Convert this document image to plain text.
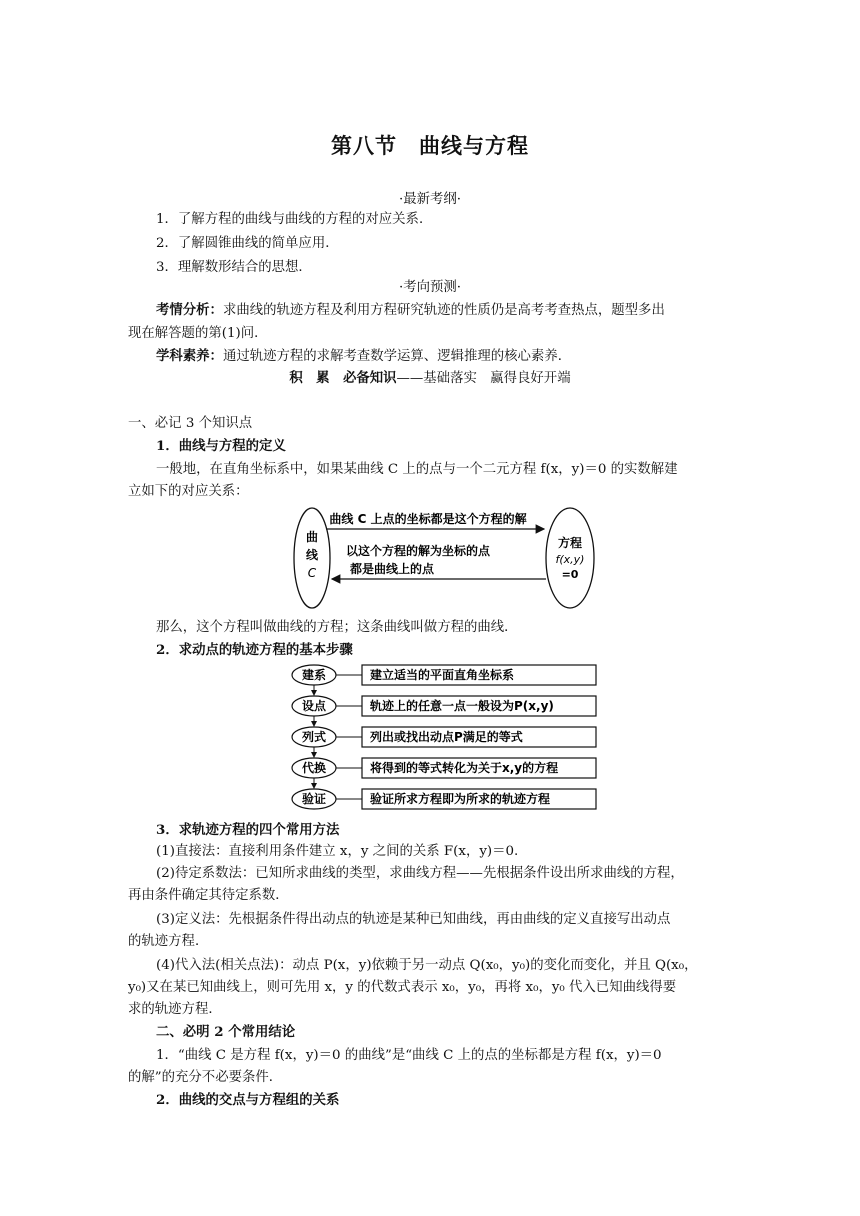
第八节　曲线与方程
·最新考纲·
1．了解方程的曲线与曲线的方程的对应关系．
2．了解圆锥曲线的简单应用．
3．理解数形结合的思想．
·考向预测·
考情分析：求曲线的轨迹方程及利用方程研究轨迹的性质仍是高考考查热点，题型多出
现在解答题的第(1)问．
学科素养：通过轨迹方程的求解考查数学运算、逻辑推理的核心素养．
积　累　必备知识——基础落实　赢得良好开端
一、必记 3 个知识点
1．曲线与方程的定义
一般地，在直角坐标系中，如果某曲线 C 上的点与一个二元方程 f(x，y)＝0 的实数解建
立如下的对应关系：
曲
线
C
方程
f(x,y)
=0
曲线 C 上点的坐标都是这个方程的解
以这个方程的解为坐标的点
都是曲线上的点
那么，这个方程叫做曲线的方程；这条曲线叫做方程的曲线．
2．求动点的轨迹方程的基本步骤
建系	建立适当的平面直角坐标系
设点	轨迹上的任意一点一般设为P(x,y)
列式	列出或找出动点P满足的等式
代换	将得到的等式转化为关于x,y的方程
验证	验证所求方程即为所求的轨迹方程
3．求轨迹方程的四个常用方法
(1)直接法：直接利用条件建立 x，y 之间的关系 F(x，y)＝0.
(2)待定系数法：已知所求曲线的类型，求曲线方程——先根据条件设出所求曲线的方程，
再由条件确定其待定系数．
(3)定义法：先根据条件得出动点的轨迹是某种已知曲线，再由曲线的定义直接写出动点
的轨迹方程．
(4)代入法(相关点法)：动点 P(x，y)依赖于另一动点 Q(x₀，y₀)的变化而变化，并且 Q(x₀，
y₀)又在某已知曲线上，则可先用 x，y 的代数式表示 x₀，y₀，再将 x₀，y₀ 代入已知曲线得要
求的轨迹方程．
二、必明 2 个常用结论
1．“曲线 C 是方程 f(x，y)＝0 的曲线”是“曲线 C 上的点的坐标都是方程 f(x，y)＝0
的解”的充分不必要条件．
2．曲线的交点与方程组的关系
